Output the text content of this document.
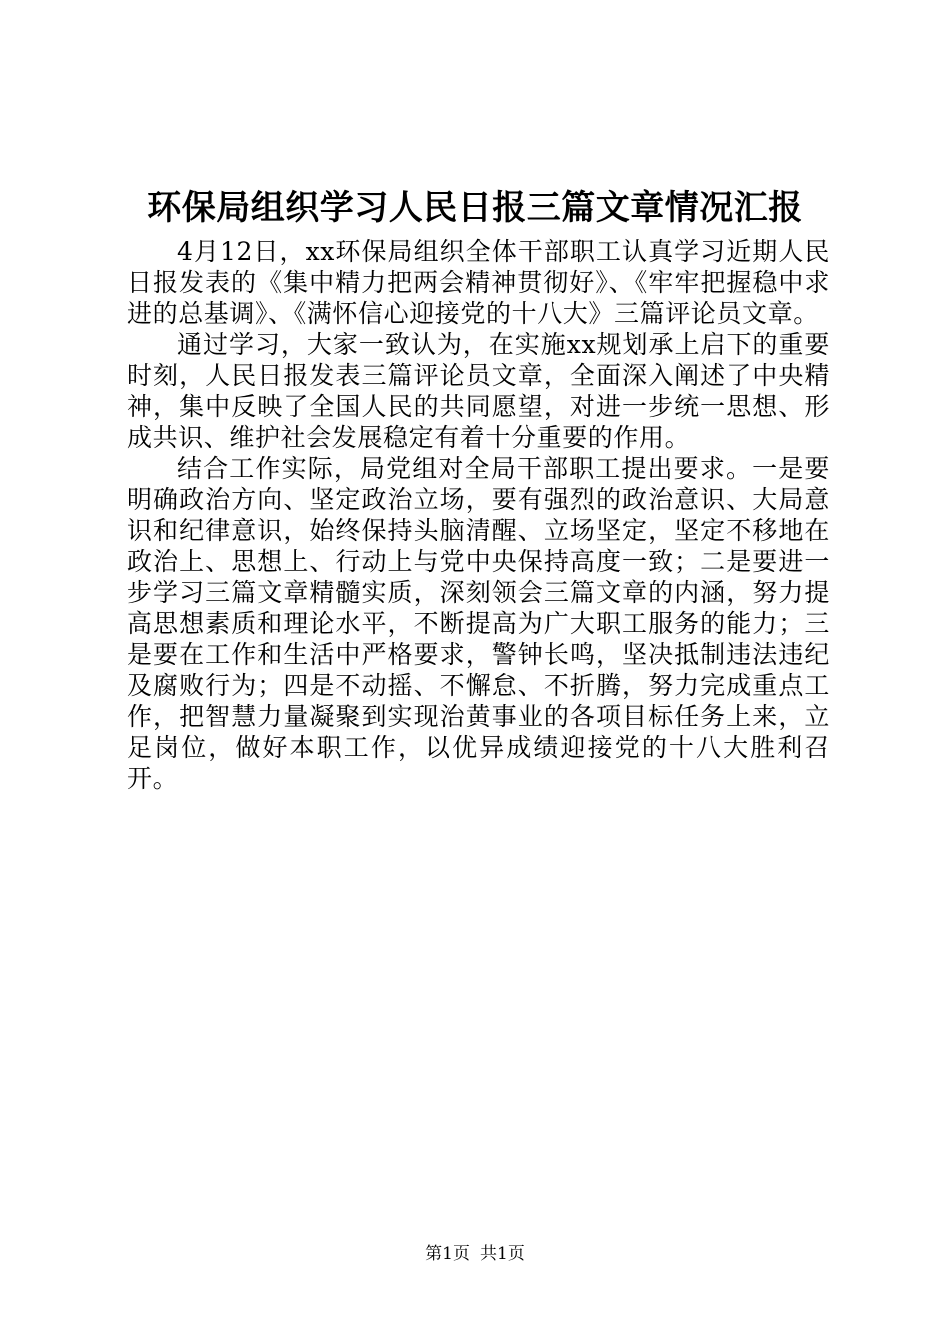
环保局组织学习人民日报三篇文章情况汇报

4月12日，xx环保局组织全体干部职工认真学习近期人民日报发表的《集中精力把两会精神贯彻好》、《牢牢把握稳中求进的总基调》、《满怀信心迎接党的十八大》三篇评论员文章。

通过学习，大家一致认为，在实施xx规划承上启下的重要时刻，人民日报发表三篇评论员文章，全面深入阐述了中央精神，集中反映了全国人民的共同愿望，对进一步统一思想、形成共识、维护社会发展稳定有着十分重要的作用。

结合工作实际，局党组对全局干部职工提出要求。一是要明确政治方向、坚定政治立场，要有强烈的政治意识、大局意识和纪律意识，始终保持头脑清醒、立场坚定，坚定不移地在政治上、思想上、行动上与党中央保持高度一致；二是要进一步学习三篇文章精髓实质，深刻领会三篇文章的内涵，努力提高思想素质和理论水平，不断提高为广大职工服务的能力；三是要在工作和生活中严格要求，警钟长鸣，坚决抵制违法违纪及腐败行为；四是不动摇、不懈怠、不折腾，努力完成重点工作，把智慧力量凝聚到实现治黄事业的各项目标任务上来，立足岗位，做好本职工作，以优异成绩迎接党的十八大胜利召开。

第1页 共1页
